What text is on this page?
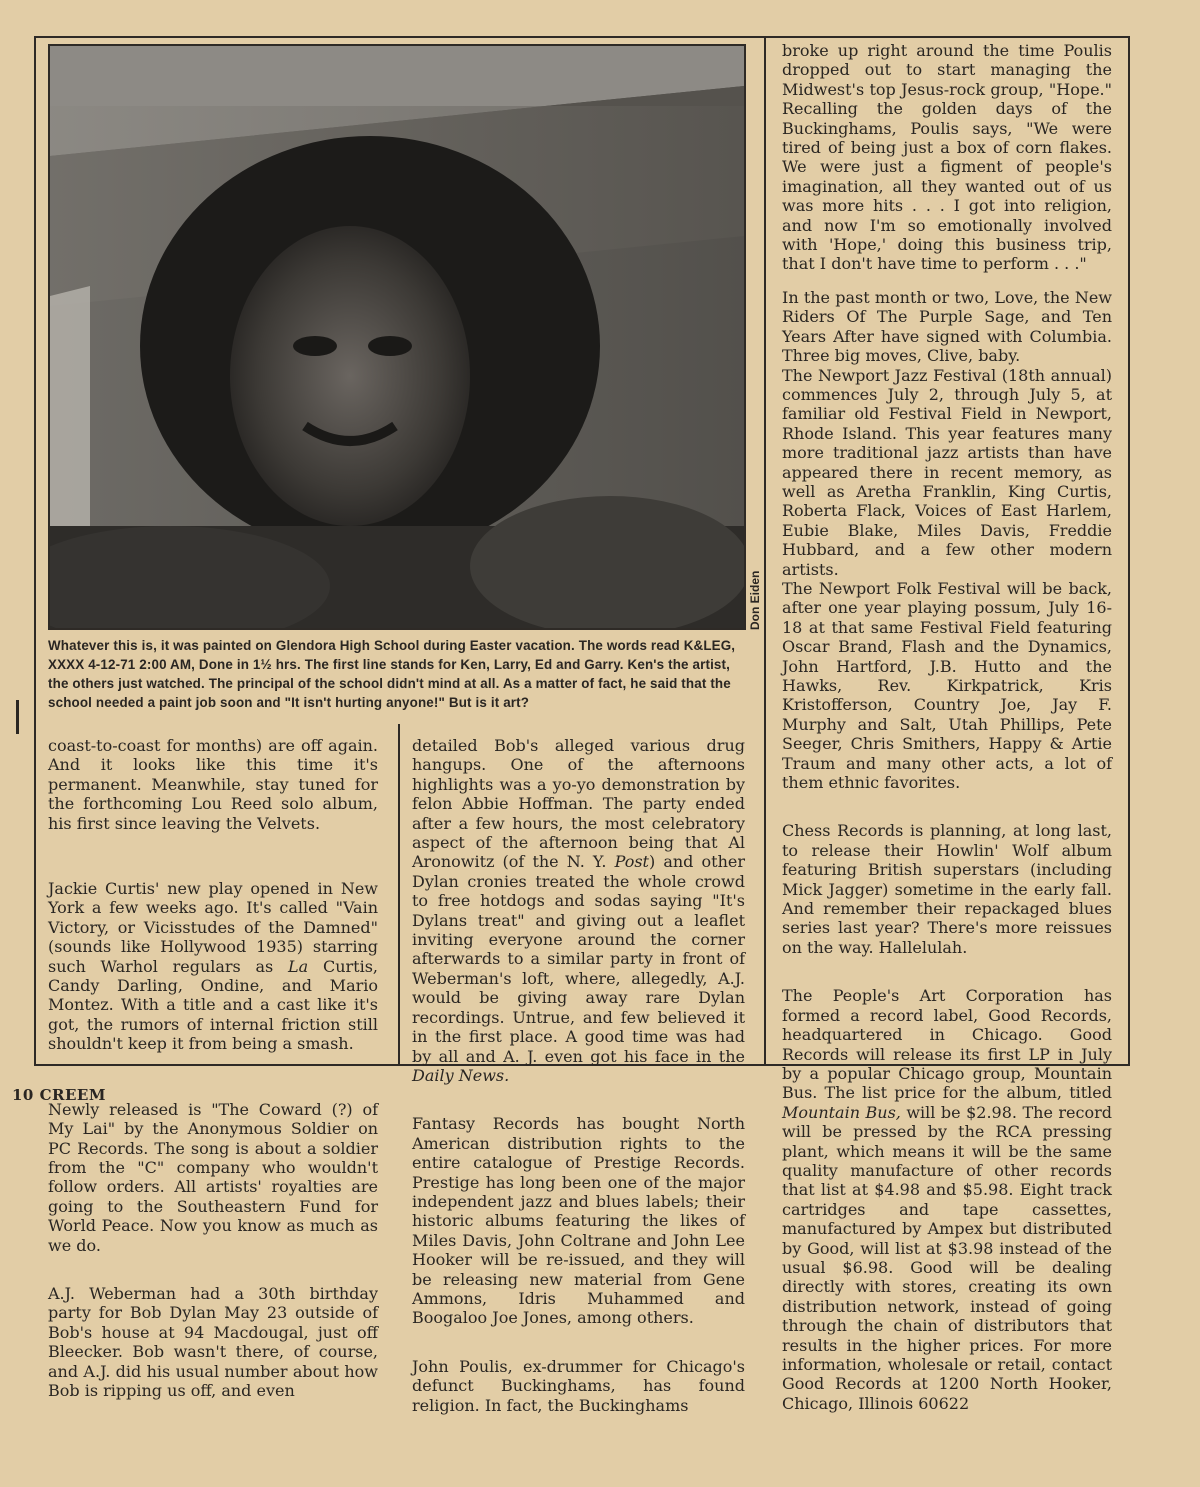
Don Eiden
Whatever this is, it was painted on Glendora High School during Easter vacation. The words read K&LEG, XXXX 4-12-71 2:00 AM, Done in 1½ hrs. The first line stands for Ken, Larry, Ed and Garry. Ken's the artist, the others just watched. The principal of the school didn't mind at all. As a matter of fact, he said that the school needed a paint job soon and "It isn't hurting anyone!" But is it art?

coast-to-coast for months) are off again. And it looks like this time it's permanent. Meanwhile, stay tuned for the forthcoming Lou Reed solo album, his first since leaving the Velvets.

Jackie Curtis' new play opened in New York a few weeks ago. It's called "Vain Victory, or Vicisstudes of the Damned" (sounds like Hollywood 1935) starring such Warhol regulars as La Curtis, Candy Darling, Ondine, and Mario Montez. With a title and a cast like it's got, the rumors of internal friction still shouldn't keep it from being a smash.

Newly released is "The Coward (?) of My Lai" by the Anonymous Soldier on PC Records. The song is about a soldier from the "C" company who wouldn't follow orders. All artists' royalties are going to the Southeastern Fund for World Peace. Now you know as much as we do.

A.J. Weberman had a 30th birthday party for Bob Dylan May 23 outside of Bob's house at 94 Macdougal, just off Bleecker. Bob wasn't there, of course, and A.J. did his usual number about how Bob is ripping us off, and even

detailed Bob's alleged various drug hangups. One of the afternoons highlights was a yo-yo demonstration by felon Abbie Hoffman. The party ended after a few hours, the most celebratory aspect of the afternoon being that Al Aronowitz (of the N. Y. Post) and other Dylan cronies treated the whole crowd to free hotdogs and sodas saying "It's Dylans treat" and giving out a leaflet inviting everyone around the corner afterwards to a similar party in front of Weberman's loft, where, allegedly, A.J. would be giving away rare Dylan recordings. Untrue, and few believed it in the first place. A good time was had by all and A. J. even got his face in the Daily News.

Fantasy Records has bought North American distribution rights to the entire catalogue of Prestige Records. Prestige has long been one of the major independent jazz and blues labels; their historic albums featuring the likes of Miles Davis, John Coltrane and John Lee Hooker will be re-issued, and they will be releasing new material from Gene Ammons, Idris Muhammed and Boogaloo Joe Jones, among others.

John Poulis, ex-drummer for Chicago's defunct Buckinghams, has found religion. In fact, the Buckinghams

broke up right around the time Poulis dropped out to start managing the Midwest's top Jesus-rock group, "Hope." Recalling the golden days of the Buckinghams, Poulis says, "We were tired of being just a box of corn flakes. We were just a figment of people's imagination, all they wanted out of us was more hits . . . I got into religion, and now I'm so emotionally involved with 'Hope,' doing this business trip, that I don't have time to perform . . ."

In the past month or two, Love, the New Riders Of The Purple Sage, and Ten Years After have signed with Columbia. Three big moves, Clive, baby.

The Newport Jazz Festival (18th annual) commences July 2, through July 5, at familiar old Festival Field in Newport, Rhode Island. This year features many more traditional jazz artists than have appeared there in recent memory, as well as Aretha Franklin, King Curtis, Roberta Flack, Voices of East Harlem, Eubie Blake, Miles Davis, Freddie Hubbard, and a few other modern artists.

The Newport Folk Festival will be back, after one year playing possum, July 16-18 at that same Festival Field featuring Oscar Brand, Flash and the Dynamics, John Hartford, J.B. Hutto and the Hawks, Rev. Kirkpatrick, Kris Kristofferson, Country Joe, Jay F. Murphy and Salt, Utah Phillips, Pete Seeger, Chris Smithers, Happy & Artie Traum and many other acts, a lot of them ethnic favorites.

Chess Records is planning, at long last, to release their Howlin' Wolf album featuring British superstars (including Mick Jagger) sometime in the early fall. And remember their repackaged blues series last year? There's more reissues on the way. Hallelulah.

The People's Art Corporation has formed a record label, Good Records, headquartered in Chicago. Good Records will release its first LP in July by a popular Chicago group, Mountain Bus. The list price for the album, titled Mountain Bus, will be $2.98. The record will be pressed by the RCA pressing plant, which means it will be the same quality manufacture of other records that list at $4.98 and $5.98. Eight track cartridges and tape cassettes, manufactured by Ampex but distributed by Good, will list at $3.98 instead of the usual $6.98. Good will be dealing directly with stores, creating its own distribution network, instead of going through the chain of distributors that results in the higher prices. For more information, wholesale or retail, contact Good Records at 1200 North Hooker, Chicago, Illinois 60622

10 CREEM
